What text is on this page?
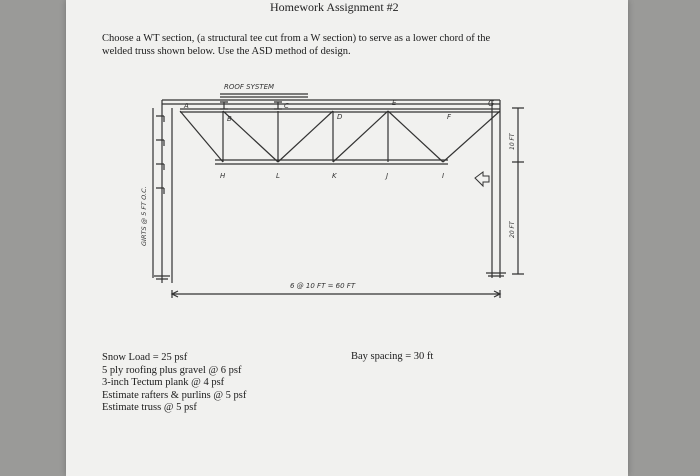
Homework Assignment #2
Choose a WT section, (a structural tee cut from a W section) to serve as a lower chord of the
welded truss shown below. Use the ASD method of design.
ROOF SYSTEM
A
B
C
D
E
F
G
H	L	K	J	I
6 @ 10 FT = 60 FT
GIRTS @ 5 FT O.C.
10 FT
20 FT
Snow Load = 25 psf
5 ply roofing plus gravel @ 6 psf
3-inch Tectum plank @ 4 psf
Estimate rafters & purlins @ 5 psf
Estimate truss @ 5 psf
Bay spacing = 30 ft
